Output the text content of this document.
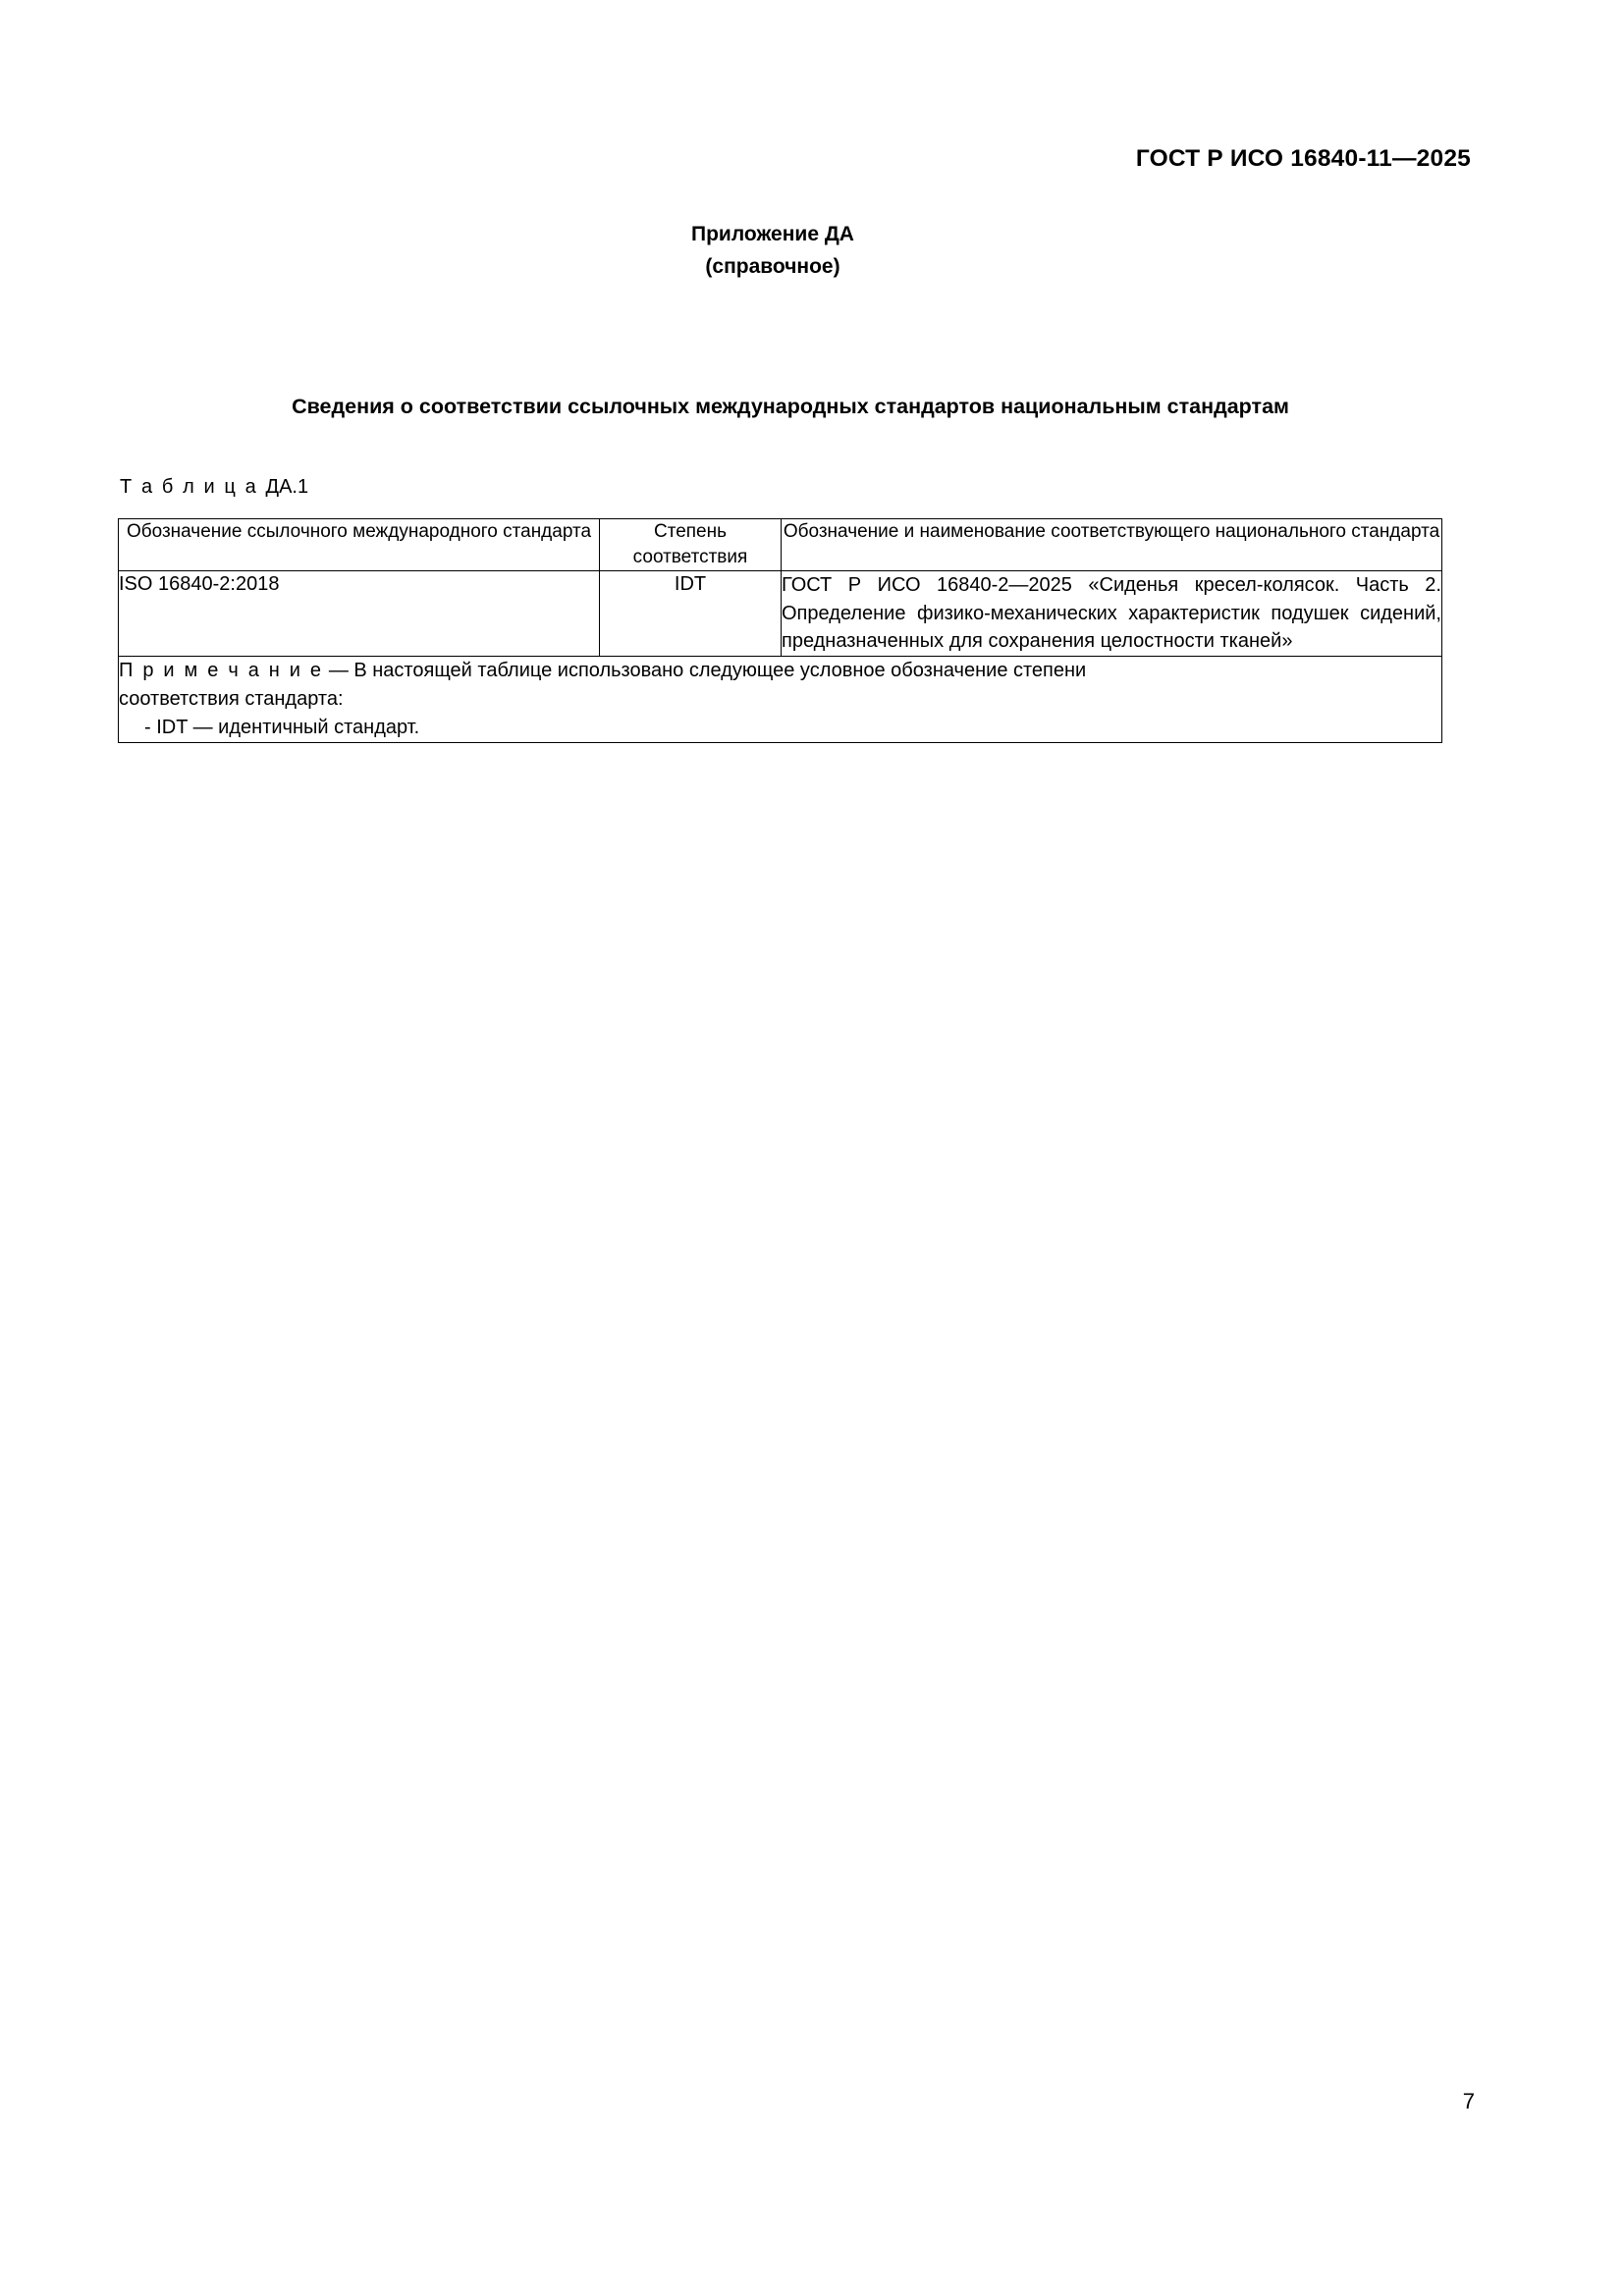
ГОСТ Р ИСО 16840-11—2025
Приложение ДА
(справочное)
Сведения о соответствии ссылочных международных стандартов национальным стандартам
Т а б л и ц а ДА.1
Обозначение ссылочного международного стандарта	Степень соответствия	Обозначение и наименование соответствующего национального стандарта
ISO 16840-2:2018	IDT	ГОСТ Р ИСО 16840-2—2025 «Сиденья кресел-колясок. Часть 2. Определение физико-механических характеристик подушек сидений, предназначенных для сохранения целостности тканей»
П р и м е ч а н и е — В настоящей таблице использовано следующее условное обозначение степени
соответствия стандарта:
- IDT — идентичный стандарт.		
7
